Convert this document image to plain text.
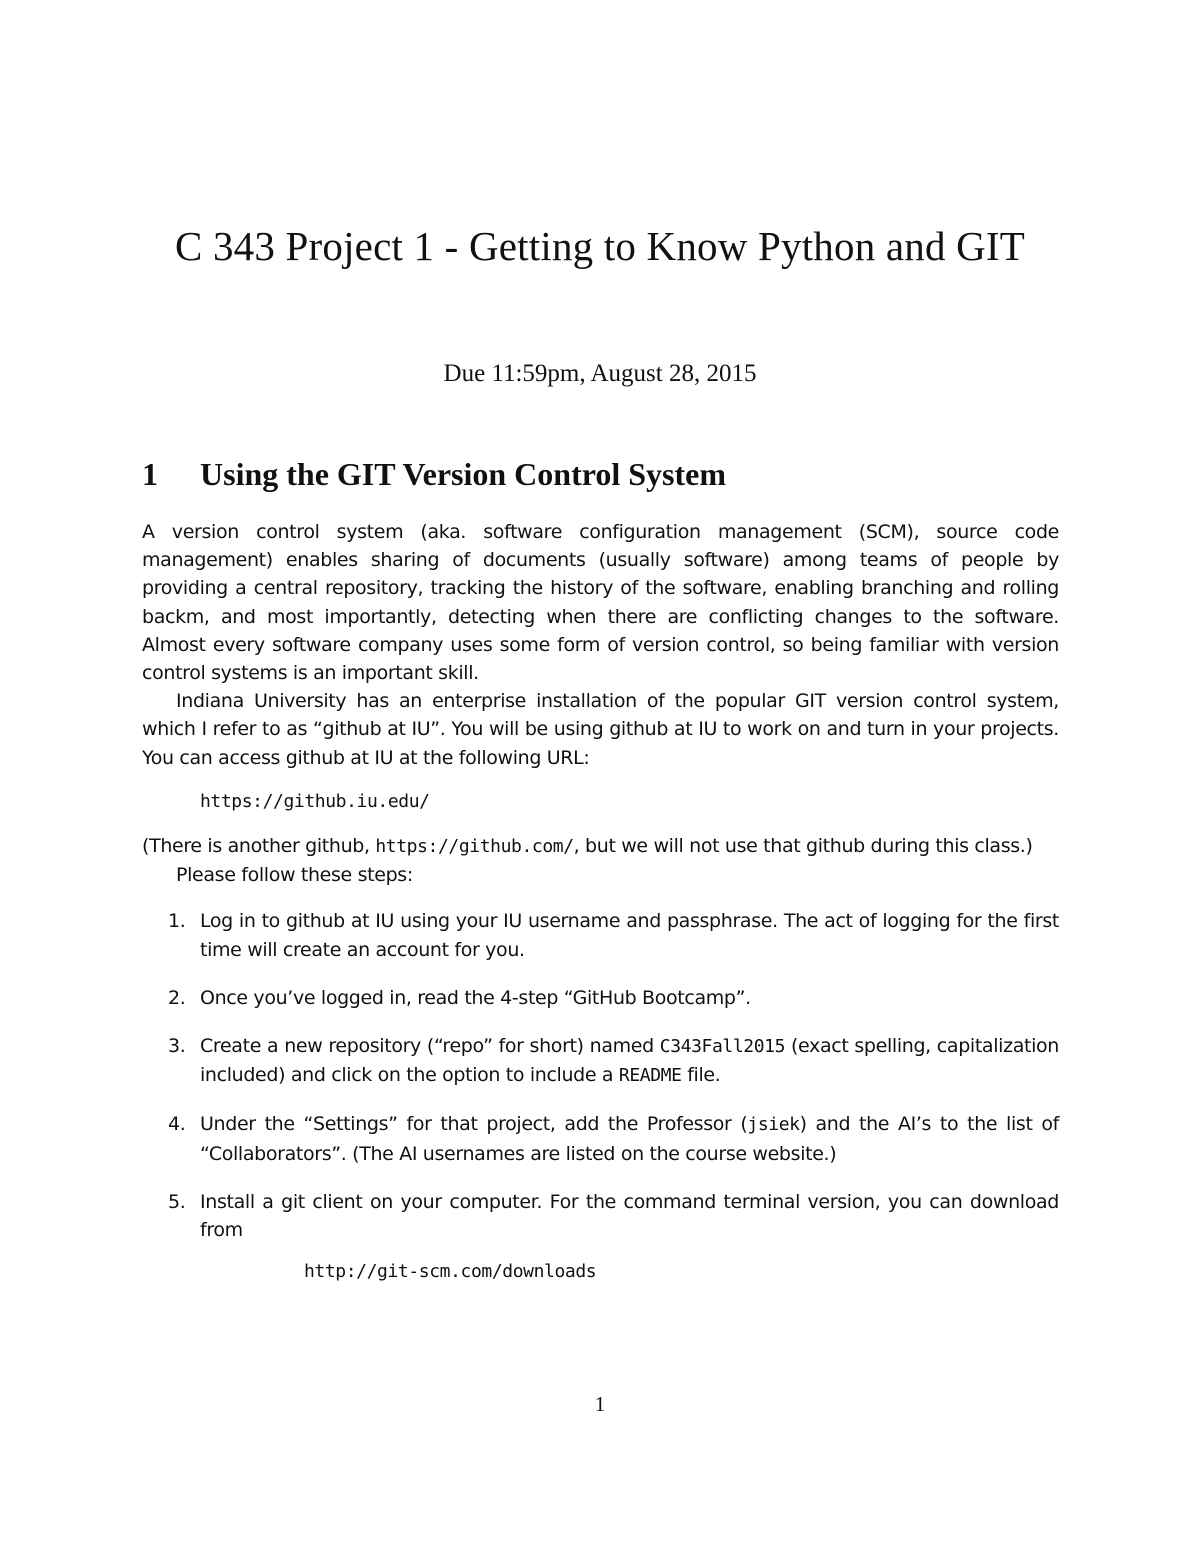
C 343 Project 1 - Getting to Know Python and GIT
Due 11:59pm, August 28, 2015
1 Using the GIT Version Control System

A version control system (aka. software configuration management (SCM), source code management) enables sharing of documents (usually software) among teams of people by providing a central repository, tracking the history of the software, enabling branching and rolling backm, and most importantly, detecting when there are conflicting changes to the software. Almost every software company uses some form of version control, so being familiar with version control systems is an important skill.

Indiana University has an enterprise installation of the popular GIT version control system, which I refer to as “github at IU”. You will be using github at IU to work on and turn in your projects. You can access github at IU at the following URL:

https://github.iu.edu/

(There is another github, https://github.com/, but we will not use that github during this class.)

Please follow these steps:

1. Log in to github at IU using your IU username and passphrase. The act of logging for the first time will create an account for you.
2. Once you’ve logged in, read the 4-step “GitHub Bootcamp”.
3. Create a new repository (“repo” for short) named C343Fall2015 (exact spelling, capitalization included) and click on the option to include a README file.
4. Under the “Settings” for that project, add the Professor (jsiek) and the AI’s to the list of “Collaborators”. (The AI usernames are listed on the course website.)
5. Install a git client on your computer. For the command terminal version, you can download from
http://git-scm.com/downloads
1
